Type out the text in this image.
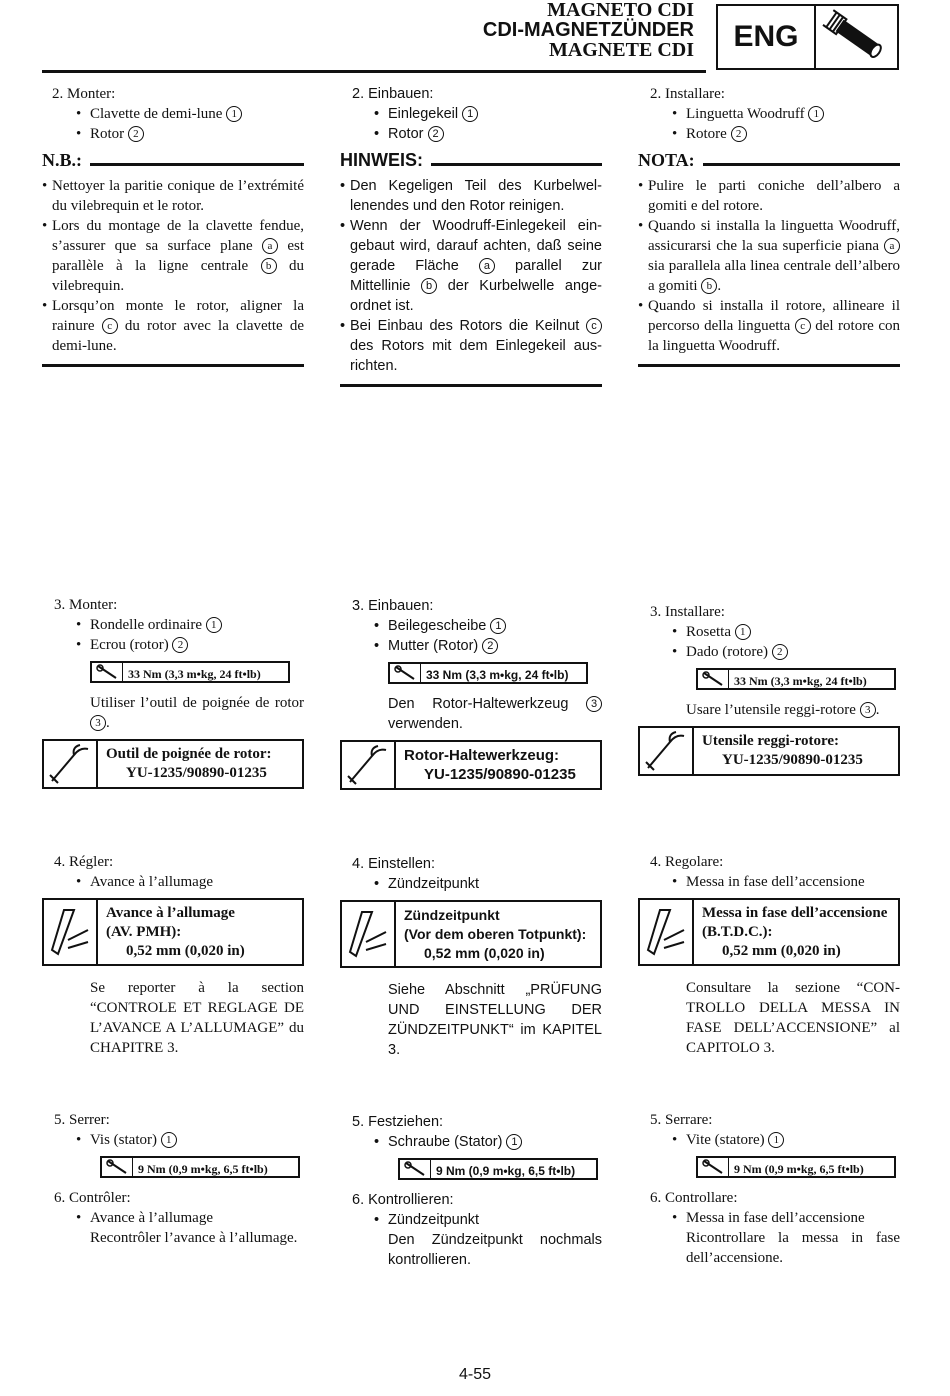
MAGNETO CDI
CDI-MAGNETZÜNDER
MAGNETE CDI	ENG

2. Monter:

• Clavette de demi-lune 1

• Rotor 2

N.B.:

• Nettoyer la paritie conique de l’extrémité du vilebrequin et le rotor.

• Lors du montage de la clavette fendue, s’assurer que sa surface plane a est parallèle à la ligne centrale b du vilebrequin.

• Lorsqu’on monte le rotor, aligner la rainure c du rotor avec la clavette de demi-lune.

3. Monter:

• Rondelle ordinaire 1

• Ecrou (rotor) 2

33 Nm (3,3 m•kg, 24 ft•lb)

Utiliser l’outil de poignée de rotor 3 .

Outil de poignée de rotor:
YU-1235/90890-01235

4. Régler:

• Avance à l’allumage

Avance à l’allumage
(AV. PMH):
0,52 mm (0,020 in)

Se reporter à la section “CONTROLE ET REGLAGE DE L’AVANCE A L’ALLUMAGE” du CHAPITRE 3.

5. Serrer:

• Vis (stator) 1

9 Nm (0,9 m•kg, 6,5 ft•lb)

6. Contrôler:

• Avance à l’allumage

Recontrôler l’avance à l’allumage.

2. Einbauen:

• Einlegekeil 1

• Rotor 2

HINWEIS:

• Den Kegeligen Teil des Kurbelwellenendes und den Rotor reinigen.

• Wenn der Woodruff-Einlegekeil eingebaut wird, darauf achten, daß seine gerade Fläche a parallel zur Mittellinie b der Kurbelwelle angeordnet ist.

• Bei Einbau des Rotors die Keilnut c des Rotors mit dem Einlegekeil ausrichten.

3. Einbauen:

• Beilegescheibe 1

• Mutter (Rotor) 2

33 Nm (3,3 m•kg, 24 ft•lb)

Den Rotor-Haltewerkzeug 3 verwenden.

Rotor-Haltewerkzeug:
YU-1235/90890-01235

4. Einstellen:

• Zündzeitpunkt

Zündzeitpunkt
(Vor dem oberen Totpunkt):
0,52 mm (0,020 in)

Siehe Abschnitt „PRÜFUNG UND EINSTELLUNG DER ZÜNDZEITPUNKT“ im KAPITEL 3.

5. Festziehen:

• Schraube (Stator) 1

9 Nm (0,9 m•kg, 6,5 ft•lb)

6. Kontrollieren:

• Zündzeitpunkt

Den Zündzeitpunkt nochmals kontrollieren.

2. Installare:

• Linguetta Woodruff 1

• Rotore 2

NOTA:

• Pulire le parti coniche dell’albero a gomiti e del rotore.

• Quando si installa la linguetta Woodruff, assicurarsi che la sua superficie piana a sia parallela alla linea centrale dell’albero a gomiti b .

• Quando si installa il rotore, allineare il percorso della linguetta c del rotore con la linguetta Woodruff.

3. Installare:

• Rosetta 1

• Dado (rotore) 2

33 Nm (3,3 m•kg, 24 ft•lb)

Usare l’utensile reggi-rotore 3 .

Utensile reggi-rotore:
YU-1235/90890-01235

4. Regolare:

• Messa in fase dell’accensione

Messa in fase dell’accensione (B.T.D.C.):
0,52 mm (0,020 in)

Consultare la sezione “CONTROLLO DELLA MESSA IN FASE DELL’ACCENSIONE” al CAPITOLO 3.

5. Serrare:

• Vite (statore) 1

9 Nm (0,9 m•kg, 6,5 ft•lb)

6. Controllare:

• Messa in fase dell’accensione

Ricontrollare la messa in fase dell’accensione.

4-55
